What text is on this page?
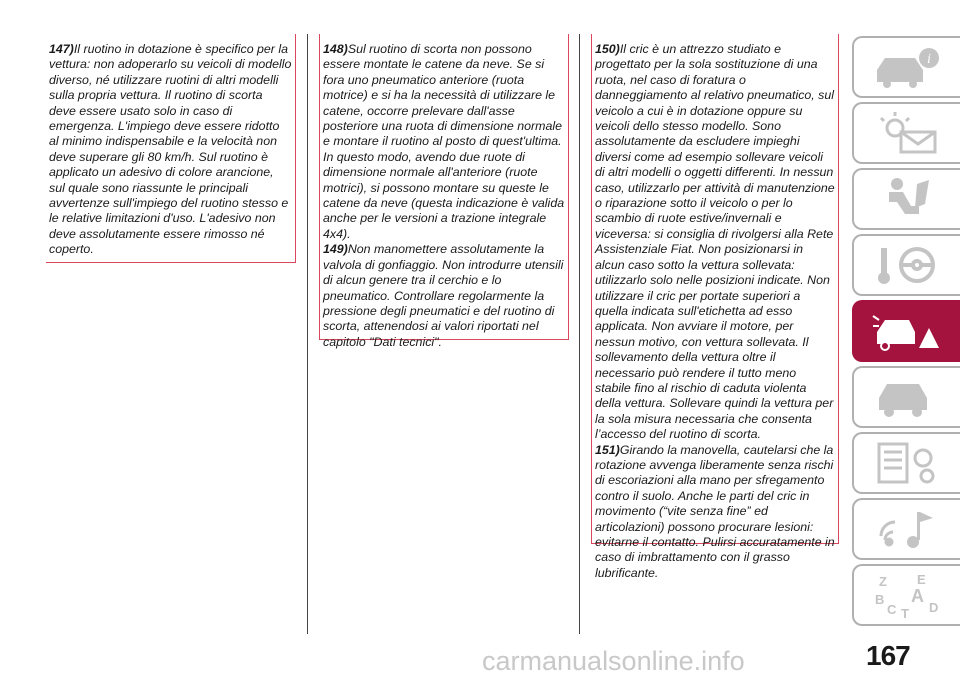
147)Il ruotino in dotazione è specifico per la vettura: non adoperarlo su veicoli di modello diverso, né utilizzare ruotini di altri modelli sulla propria vettura. Il ruotino di scorta deve essere usato solo in caso di emergenza. L'impiego deve essere ridotto al minimo indispensabile e la velocità non deve superare gli 80 km/h. Sul ruotino è applicato un adesivo di colore arancione, sul quale sono riassunte le principali avvertenze sull'impiego del ruotino stesso e le relative limitazioni d'uso. L'adesivo non deve assolutamente essere rimosso né coperto.

148)Sul ruotino di scorta non possono essere montate le catene da neve. Se si fora uno pneumatico anteriore (ruota motrice) e si ha la necessità di utilizzare le catene, occorre prelevare dall'asse posteriore una ruota di dimensione normale e montare il ruotino al posto di quest'ultima. In questo modo, avendo due ruote di dimensione normale all'anteriore (ruote motrici), si possono montare su queste le catene da neve (questa indicazione è valida anche per le versioni a trazione integrale 4x4).

149)Non manomettere assolutamente la valvola di gonfiaggio. Non introdurre utensili di alcun genere tra il cerchio e lo pneumatico. Controllare regolarmente la pressione degli pneumatici e del ruotino di scorta, attenendosi ai valori riportati nel capitolo "Dati tecnici".

150)Il cric è un attrezzo studiato e progettato per la sola sostituzione di una ruota, nel caso di foratura o danneggiamento al relativo pneumatico, sul veicolo a cui è in dotazione oppure su veicoli dello stesso modello. Sono assolutamente da escludere impieghi diversi come ad esempio sollevare veicoli di altri modelli o oggetti differenti. In nessun caso, utilizzarlo per attività di manutenzione o riparazione sotto il veicolo o per lo scambio di ruote estive/invernali e viceversa: si consiglia di rivolgersi alla Rete Assistenziale Fiat. Non posizionarsi in alcun caso sotto la vettura sollevata: utilizzarlo solo nelle posizioni indicate. Non utilizzare il cric per portate superiori a quella indicata sull'etichetta ad esso applicata. Non avviare il motore, per nessun motivo, con vettura sollevata. Il sollevamento della vettura oltre il necessario può rendere il tutto meno stabile fino al rischio di caduta violenta della vettura. Sollevare quindi la vettura per la sola misura necessaria che consenta l’accesso del ruotino di scorta.

151)Girando la manovella, cautelarsi che la rotazione avvenga liberamente senza rischi di escoriazioni alla mano per sfregamento contro il suolo. Anche le parti del cric in movimento (“vite senza fine” ed articolazioni) possono procurare lesioni: evitarne il contatto. Pulirsi accuratamente in caso di imbrattamento con il grasso lubrificante.

i
Z E
B A
C T D
carmanualsonline.info	167
